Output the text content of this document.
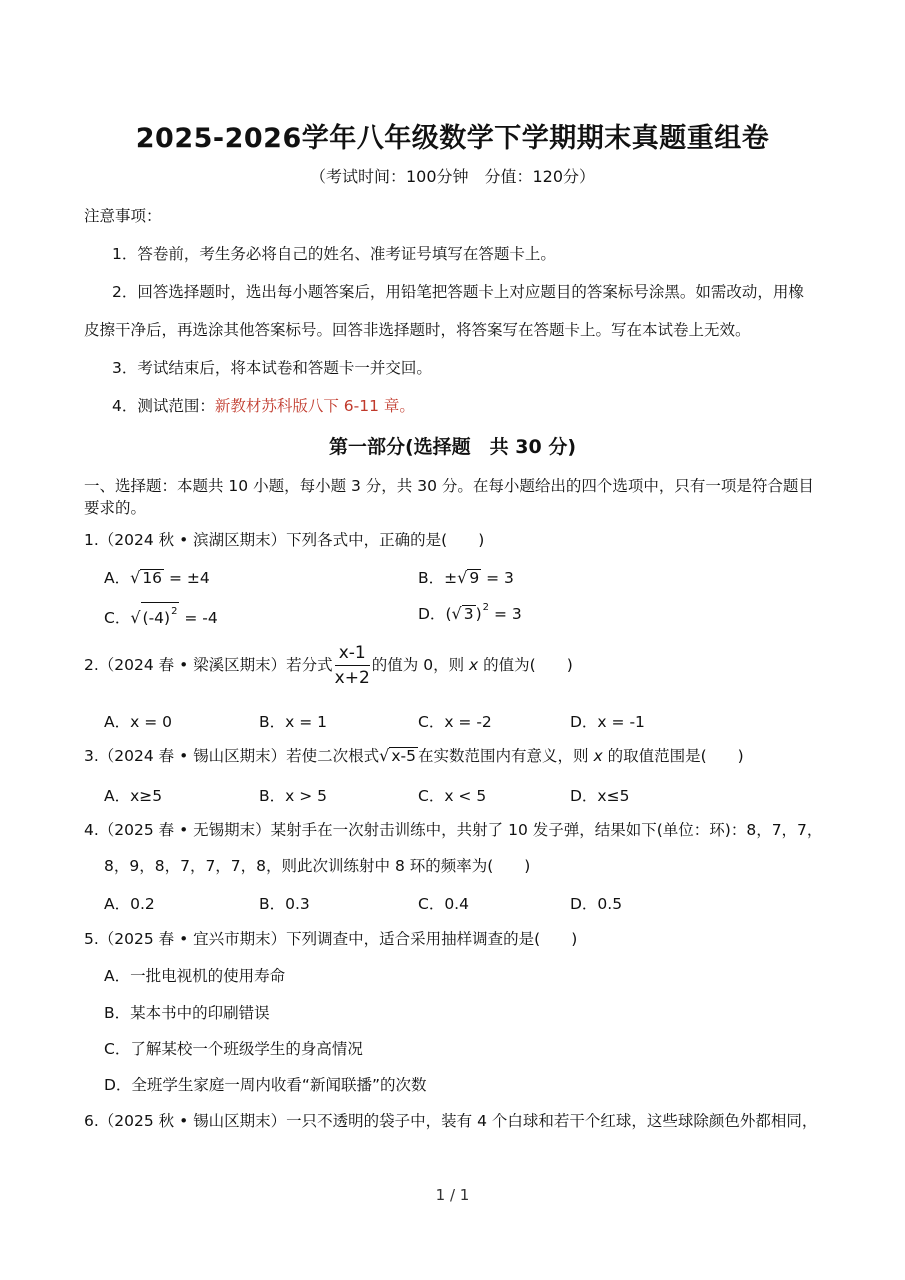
2025-2026学年八年级数学下学期期末真题重组卷
（考试时间：100分钟　分值：120分）
注意事项：
1．答卷前，考生务必将自己的姓名、准考证号填写在答题卡上。
2．回答选择题时，选出每小题答案后，用铅笔把答题卡上对应题目的答案标号涂黑。如需改动，用橡
皮擦干净后，再选涂其他答案标号。回答非选择题时，将答案写在答题卡上。写在本试卷上无效。
3．考试结束后，将本试卷和答题卡一并交回。
4．测试范围：新教材苏科版八下 6-11 章。
第一部分(选择题　共 30 分)
一、选择题：本题共 10 小题，每小题 3 分，共 30 分。在每小题给出的四个选项中，只有一项是符合题目
要求的。
1.（2024 秋 • 滨湖区期末）下列各式中，正确的是(　　)
A．√ 16 = ±4	B．±√ 9 = 3
C．√ $(-4)^2 = -4$	D．(√ 3 )$^2$ = 3
2.（2024 春 • 梁溪区期末）若分式 $\frac{x-1}{x+2}$ 的值为 0，则 x 的值为(　　)
A．x = 0	B．x = 1	C．x = -2	D．x = -1
3.（2024 春 • 锡山区期末）若使二次根式√ x-5 在实数范围内有意义，则 x 的取值范围是(　　)
A．x≥5	B．x > 5	C．x < 5	D．x≤5
4.（2025 春 • 无锡期末）某射手在一次射击训练中，共射了 10 发子弹，结果如下(单位：环)：8，7，7，
8，9，8，7，7，7，8，则此次训练射中 8 环的频率为(　　)
A．0.2	B．0.3	C．0.4	D．0.5
5.（2025 春 • 宜兴市期末）下列调查中，适合采用抽样调查的是(　　)
A．一批电视机的使用寿命
B．某本书中的印刷错误
C．了解某校一个班级学生的身高情况
D．全班学生家庭一周内收看“新闻联播”的次数
6.（2025 秋 • 锡山区期末）一只不透明的袋子中，装有 4 个白球和若干个红球，这些球除颜色外都相同，
1 / 1
